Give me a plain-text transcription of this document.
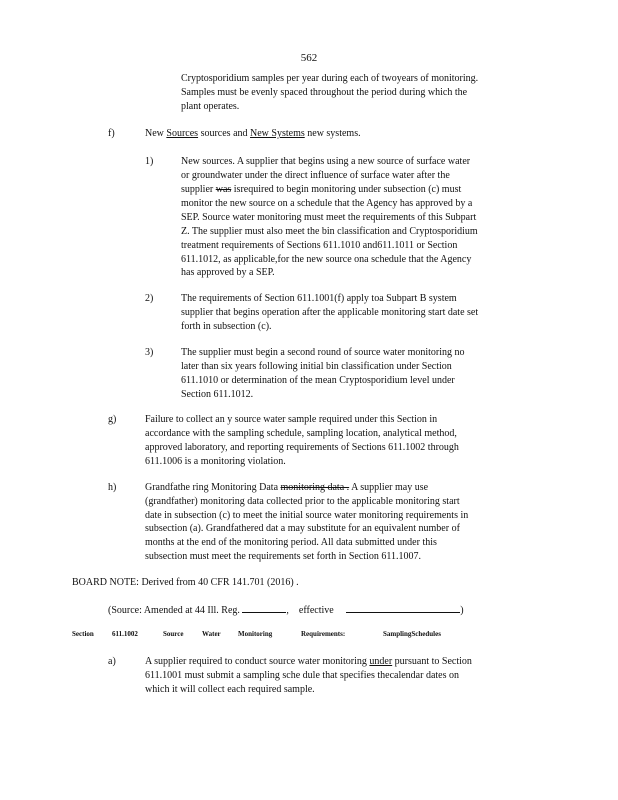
562

Cryptosporidium samples per year during each of twoyears of monitoring.

Samples must be evenly spaced throughout the period during which the

plant operates.

f)	New Sources sources and New Systems new systems.

1)	New sources. A supplier that begins using a new source of surface water

or groundwater under the direct influence of surface water after the

supplier was isrequired to begin monitoring under subsection (c) must

monitor the new source on a schedule that the Agency has approved by a

SEP. Source water monitoring must meet the requirements of this Subpart

Z. The supplier must also meet the bin classification and Cryptosporidium

treatment requirements of Sections 611.1010 and611.1011 or Section

611.1012, as applicable,for the new source ona schedule that the Agency

has approved by a SEP.

2)	The requirements of Section 611.1001(f) apply toa Subpart B system

supplier that begins operation after the applicable monitoring start date set

forth in subsection (c).

3)	The supplier must begin a second round of source water monitoring no

later than six years following initial bin classification under Section

611.1010 or determination of the mean Cryptosporidium level under

Section 611.1012.

g)	Failure to collect an y source water sample required under this Section in

accordance with the sampling schedule, sampling location, analytical method,

approved laboratory, and reporting requirements of Sections 611.1002 through

611.1006 is a monitoring violation.

h)	Grandfathe ring Monitoring Data monitoring data . A supplier may use

(grandfather) monitoring data collected prior to the applicable monitoring start

date in subsection (c) to meet the initial source water monitoring requirements in

subsection (a). Grandfathered dat a may substitute for an equivalent number of

months at the end of the monitoring period. All data submitted under this

subsection must meet the requirements set forth in Section 611.1007.

BOARD NOTE: Derived from 40 CFR 141.701 (2016) .

(Source: Amended at 44 Ill. Reg.	, effective	)

Section	611.1002	Source	Water Monitoring	Requirements:	SamplingSchedules

a)	A supplier required to conduct source water monitoring under pursuant to Section

611.1001 must submit a sampling sche dule that specifies thecalendar dates on

which it will collect each required sample.
